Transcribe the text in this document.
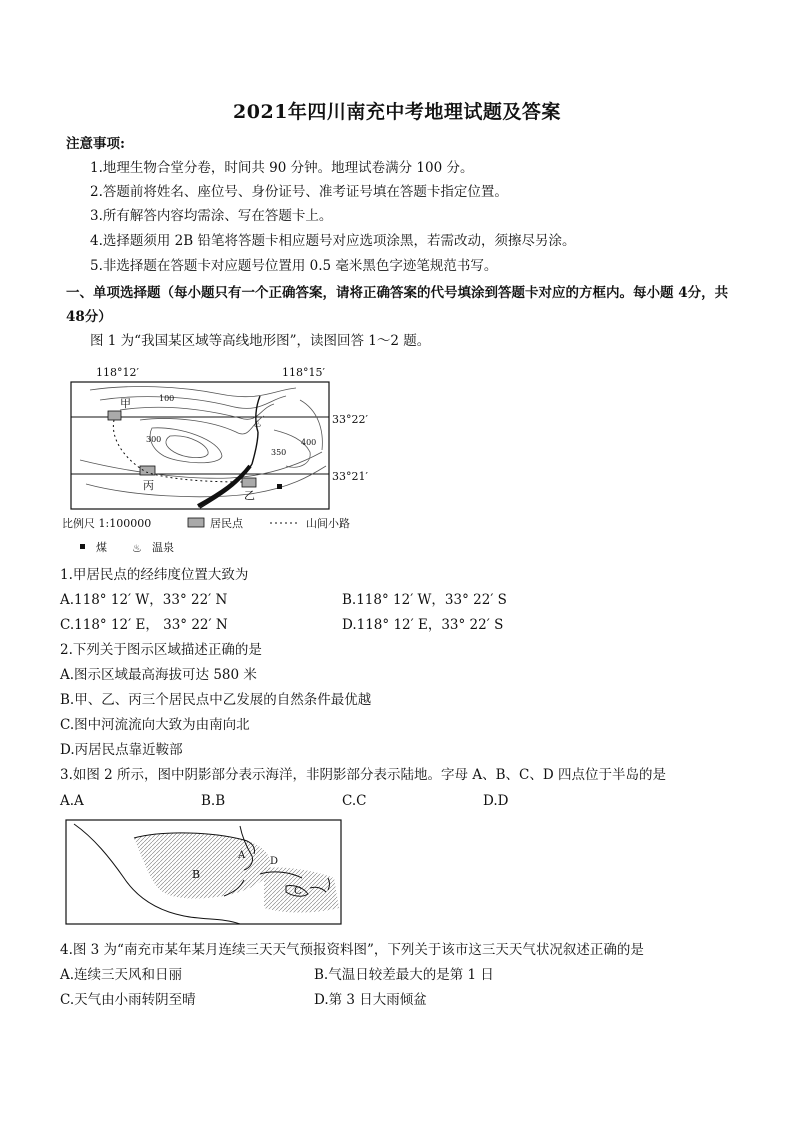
2021年四川南充中考地理试题及答案
注意事项:
1.地理生物合堂分卷，时间共 90 分钟。地理试卷满分 100 分。
2.答题前将姓名、座位号、身份证号、准考证号填在答题卡指定位置。
3.所有解答内容均需涂、写在答题卡上。
4.选择题须用 2B 铅笔将答题卡相应题号对应选项涂黑，若需改动，须擦尽另涂。
5.非选择题在答题卡对应题号位置用 0.5 毫米黑色字迹笔规范书写。
一、单项选择题（每小题只有一个正确答案，请将正确答案的代号填涂到答题卡对应的方框内。每小题 4分，共 48分）
图 1 为“我国某区域等高线地形图”，读图回答 1～2 题。
118°12′	118°15′
33°22′
33°21′
100
300
350
400
♨
甲
丙
乙
比例尺 1:100000	居民点	山间小路
煤 ♨ 温泉
1.甲居民点的经纬度位置大致为
A.118° 12′ W，33° 22′ N	B.118° 12′ W，33° 22′ S
C.118° 12′ E， 33° 22′ N	D.118° 12′ E，33° 22′ S
2.下列关于图示区域描述正确的是
A.图示区域最高海拔可达 580 米
B.甲、乙、丙三个居民点中乙发展的自然条件最优越
C.图中河流流向大致为由南向北
D.丙居民点靠近鞍部
3.如图 2 所示，图中阴影部分表示海洋，非阴影部分表示陆地。字母 A、B、C、D 四点位于半岛的是
A.A	B.B	C.C	D.D
A
B
C
D
4.图 3 为“南充市某年某月连续三天天气预报资料图”，下列关于该市这三天天气状况叙述正确的是
A.连续三天风和日丽	B.气温日较差最大的是第 1 日
C.天气由小雨转阴至晴	D.第 3 日大雨倾盆
